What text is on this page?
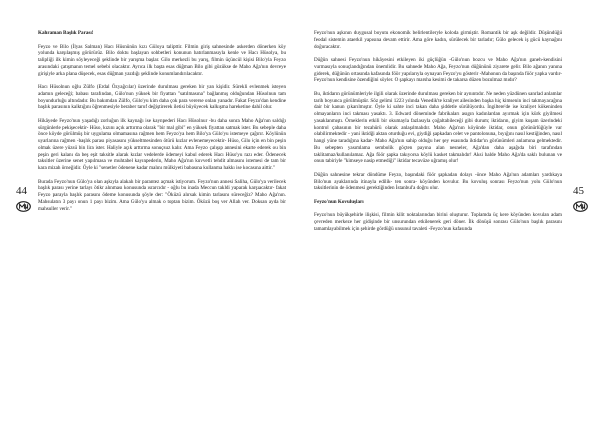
44

Kahraman Başlık Parası!

Feyzo ve Bilo (İlyas Salman) Hacı Hüsnünün kızı Güloya talipttir. Filmin giriş sahnesinde askerden dönerken köy yolunda karşılaşmış görürürüz. Bilo doktu başlayan sohbetleri konunun hatırlanmasıyla kenle ve Hacı Hüsolya, bu talipliği ilk kimin söyleyeceği şeklinde bir yarışma başlar. Gilo merkezli bu yarış, filmin üçüncül kişisi Bilo'yla Feyzo arasındaki çatışmanın temel sebebi olacaktır. Ayrıca ilk başta esas düğman Bilo gibi gözükse de Maho Ağa'nın devreye girişiyle arka plana düşecek, esas düğman yazdığı şeklinde konumlandırılacaktır.

Hacı Hüsolnun oğlu Zülfo (Erdal Özyağcılar) üzerinde durulması gereken bir yan kişidir. Sürekli evlenmek isteyen adamın geleceği; babası tarafından, Gülo'nun yüksek bir fiyattan "satılmasına" bağlanmış olduğundan Hüsolnun tam boyundurluğu altındadır. Bu bakımdan Zülfo, Gülo'yu kim daha çok para vererse onlan yanadır. Fakat Feyzo'dan kendine başlık parasının kalktığını öğrenmesiyle beraber tarof değiştirerek iletisi büyüyecek kalkışma hareketine dahil olur.

Hikâyede Feyzo'nun yaşadığı zorluğun ilk kaynağı ise kaynpederi Hacı Hüsolnur -bu daha sonra Maho Ağa'nın saldığı sürgünlerle pekişecektir- Hüso, kızını açık arttırma olarak "bir mal gibi" en yüksek fiyattan satmak ister. Bu sebeple daha önce köyde görülmüş bir uygulama olmamasına rağmen hem Feyzo'ya hem Bilo'ya Gülo'yu istemeye çağırır. Köylünün uyarlarına rağmen -başlık parası piyasasını yükseltmesinden ötürü kızlar evlenemeyecektir- Hüso, Gilo için en bin peşin olmak üzere yüzsü bin lira ister. Haliyle açık arttırma sonuçsuz kalır. Ama Feyzo çalışıp annesini ekarte ederek ou bin peşin geri kalanı da beş eşit taksitle alarak kızlar vedelerde ödemeyi kabul ederek Hacı Hüso'yu razı eder. Ödenecek taksitler üzerine senet yapılmasa ve muhtabel kayınpederin, Maho Ağa'nın kuvvetli tehdit almasını istemesi de tam bir kara mizah örneğidir. Öyle ki "senetler ödenene kadar malını mülkiyeti babasına kullanma hakkı ise kocasına aittir."

Burada Feyzo'nun Gülo'ya olan aşkıyla alakalı bir parantez açmak istiyorum. Feyzo'nun annesi Saliha, Gülo'ya verilecek başlık parası yerine tarlayı ötikr alınması konusunda ısrarcıdır - oğlu bu inada Meccun takldi yaparak karşıacaktır- fakat Feyzo parayla başlık parasını ödeme konusunda şöyle der: "Öküzü alırsak kimin tarlasını süreceğiz? Maho Ağa'nın. Mahsulatın 3 payı onun 1 payı bizim. Ama Gülo'yu almak o toptan bizim. Öküzü boş ver Allah ver. Doksan ayda bir mahsuller verir."

Feyzo'nun aşkının duygusal boyutu ekonomik belirlentileryle koloda girmiştir. Romantik bir aşk değildir. Düşündüğü feodal sistemin ataerkil yapısına devam ettirir. Ama göre kadın, sürülecek bir tarladır; Gülo gelecek iş gücü kaynağını doğuracaktır.

Düğün sahnesi Feyzo'nun hikâyesini etkileyen iki güçlüğün -Gülo'nun bozcu ve Maho Ağa'nın ganeh-kendisini vurmasıyla sonuçlandığından önemlidir. Bu sahnede Maho Ağa, Feyzo'nun düğününü ziyarete gelir. Bilo ağanın yanına giderek, düğünün ortasında kafasında föör yapılarıyla oynayan Feyzo'yu gösterir -Mahonun da başında föör yapka vardır- Feyzo'nun kendisine özendiğini söyler. O şapkayı marsha kesimi de takarsa düzen bozulmaz mıdır?

Bu, iktidarın görünümleriyle ilgili olarak üzerinde durulması gereken bir aynıntıdır. Ne neden yüzdünen sanrlad anlamlar tarih boyunca görülmüştür. Söz gelimi 1223 yılında Venedik'te kraliyet ailesinden başka hiç kimsenin inci takmayacağına dair bir kanun çıkarılmıştır. Öyle ki sahte inci takan daha şiddetle sürülüyordu. İngiltere'de ise kraliyet kökeninden olmayanların inci takması yasaktı. 3. Edward döneminde fabrikaları asıgın kadınlardan ayırmak için kürk giyilmesi yasaklanmıştı. Örneklerin etkili bir okumayla fazlasıyla çoğaltabileceği gibi durum; iktidarın, giyim kuşam üzerindeki kontrol çabasının bir tezahürü olarak anlaşılmalıdır. Maho Ağa'nın köyünde iktidar, onun görünürlüğüyle var olabilirmektedir - yani iktidği aktan oturduğu evi, giydiği şapkadan celet ve pantolonuna, bıyığını nasıl kestiğinden, nasıl hangi yüne taradığına kadar- Maho Ağa'nın sahip olduğu her şey esasında iktidar'ın görünümleri anlamına gelmektedir. Bu sebepten yasımlama sembolik göçten payına alan nesneler, Ağa'dan daha aşağıda biri tarafından taklitamaz/kullanılamaz. Ağa föör şapka takıyorsa köylü kasket takmalıdır! Aksi halde Maho Ağa'da saklı bulunan ve onun tabiriyle "kimseye nasip etmediği" iktidar tecavüze uğramış olur!

Düğün sahnesine tekrar döndüme Feyzo, başındaki föör şapkadan dolayı -önce Maho Ağa'nın adamları yardıkaya Bilo'nun ayaklarında itinayla edilik- ten sonra- köyünden kovulur. Bu kovuluş sonrası Feyzo'nun yolu Gülo'nun taksitlerinin de ödenmesi gerektiğinden İstanbul'a doğru olur.

Feyzo'nun Kovuluşları

Feyzo'nun büyükşehirle ilişkisi, filmin kilit noktalarından birini oluşturur. Toplamda üç kere köyünden kovulan adam çevreden merkeze her gidişinde bir unsurundan etkilenerek geri döner. İlk dönüşü sonrası Gülo'nun başlık parasını tamamlayabilmek için şehirde gördüğü unsunul tavaleti -Feyzo'nun kafasında

45
